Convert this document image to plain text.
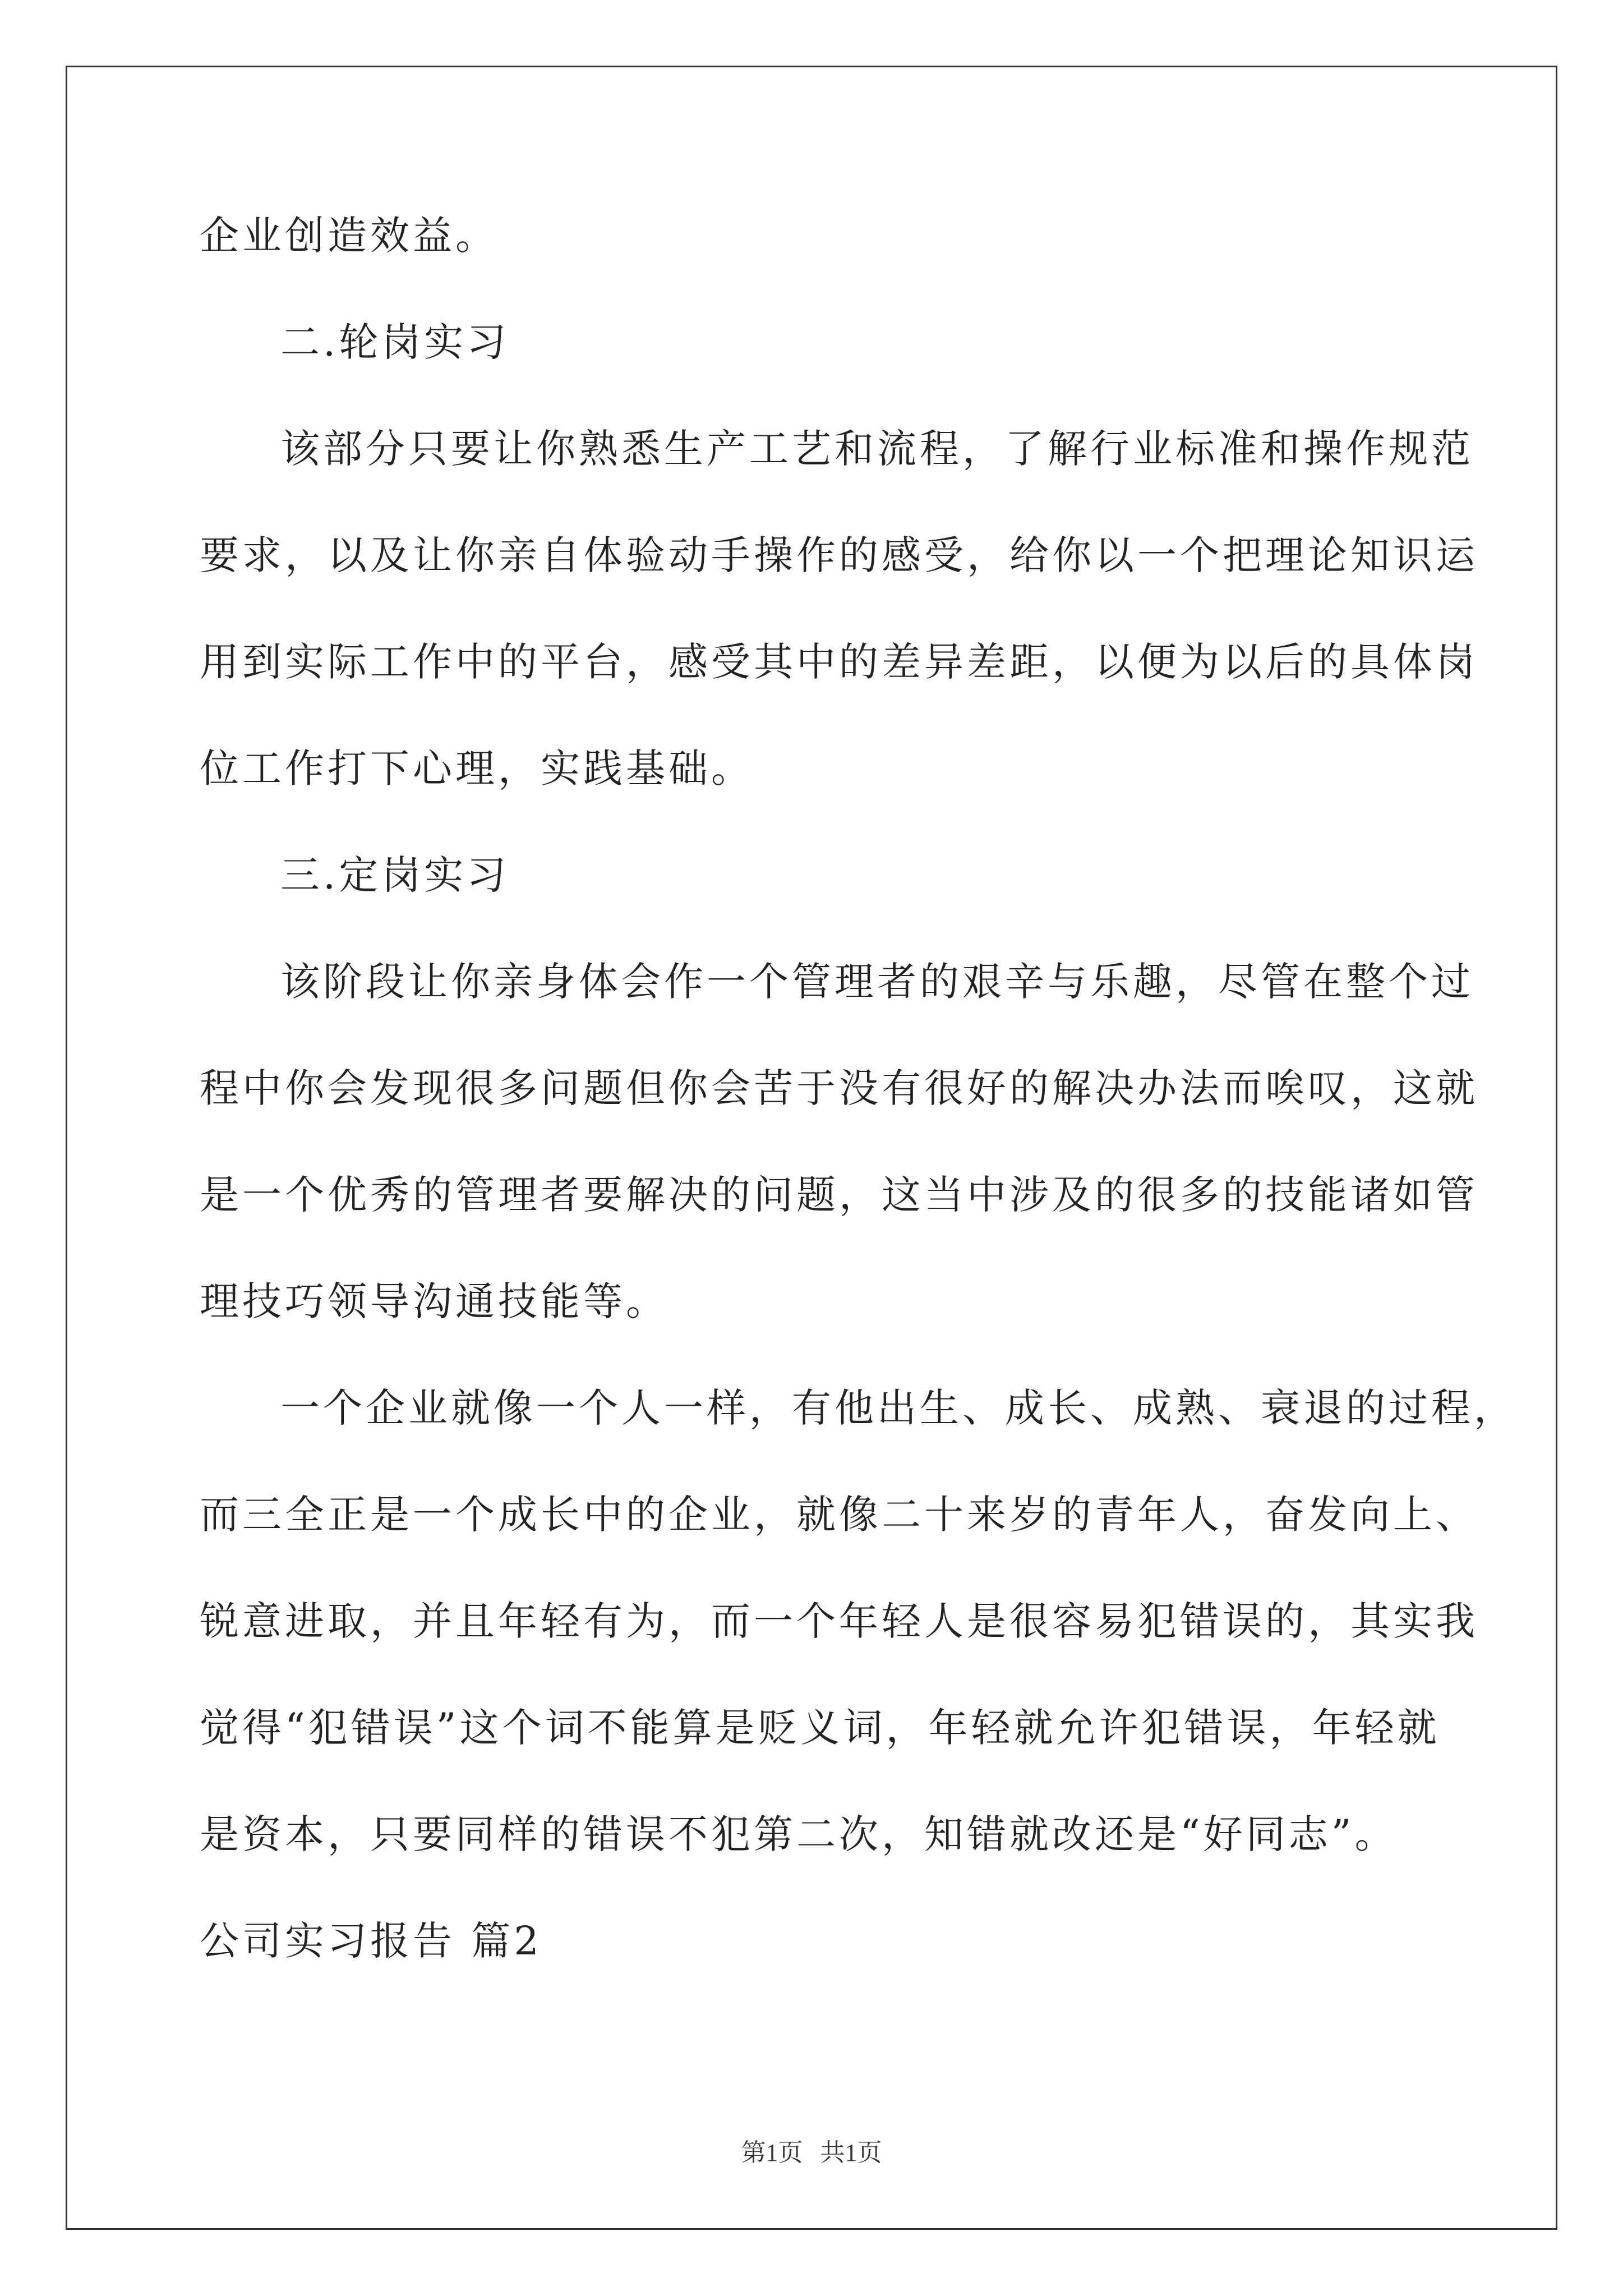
企业创造效益。
二.轮岗实习
该部分只要让你熟悉生产工艺和流程，了解行业标准和操作规范
要求，以及让你亲自体验动手操作的感受，给你以一个把理论知识运
用到实际工作中的平台，感受其中的差异差距，以便为以后的具体岗
位工作打下心理，实践基础。
三.定岗实习
该阶段让你亲身体会作一个管理者的艰辛与乐趣，尽管在整个过
程中你会发现很多问题但你会苦于没有很好的解决办法而唉叹，这就
是一个优秀的管理者要解决的问题，这当中涉及的很多的技能诸如管
理技巧领导沟通技能等。
一个企业就像一个人一样，有他出生、成长、成熟、衰退的过程，
而三全正是一个成长中的企业，就像二十来岁的青年人，奋发向上、
锐意进取，并且年轻有为，而一个年轻人是很容易犯错误的，其实我
觉得“犯错误”这个词不能算是贬义词，年轻就允许犯错误，年轻就
是资本，只要同样的错误不犯第二次，知错就改还是“好同志”。
公司实习报告 篇2
第1页 共1页
